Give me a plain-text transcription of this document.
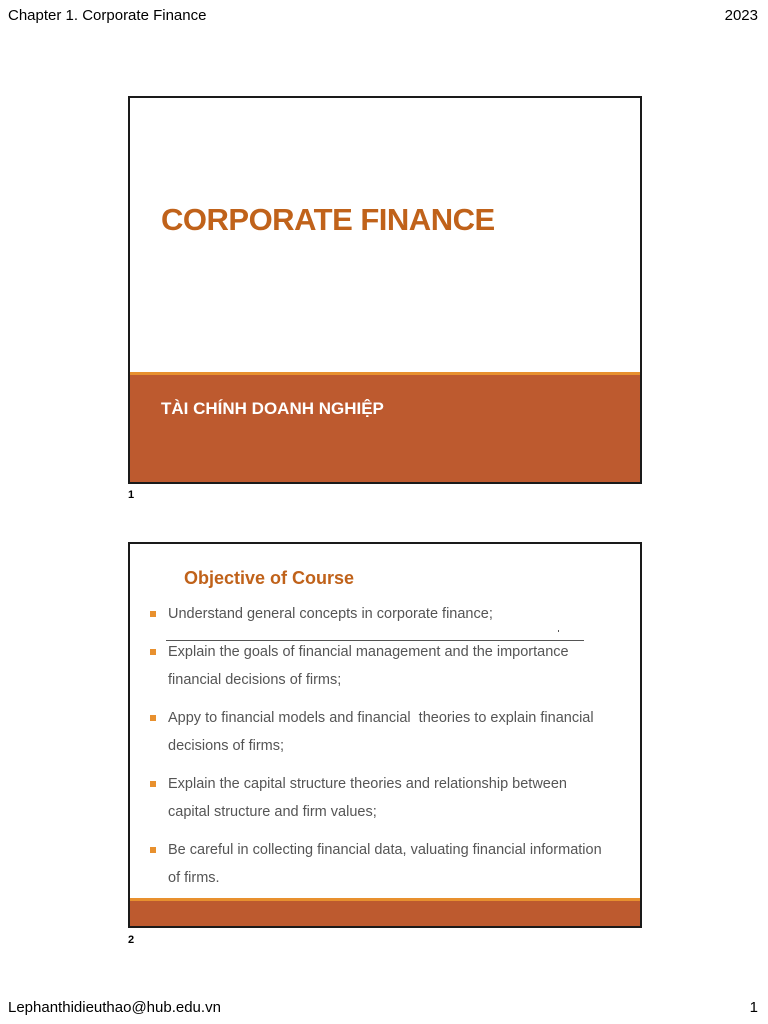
Chapter 1. Corporate Finance	2023
CORPORATE FINANCE
TÀI CHÍNH DOANH NGHIỆP
1
Objective of Course
Understand general concepts in corporate finance;
Explain the goals of financial management and the importance
financial decisions of firms;
Appy to financial models and financial  theories to explain financial
decisions of firms;
Explain the capital structure theories and relationship between
capital structure and firm values;
Be careful in collecting financial data, valuating financial information
of firms.
2
Lephanthidieuthao@hub.edu.vn	1
